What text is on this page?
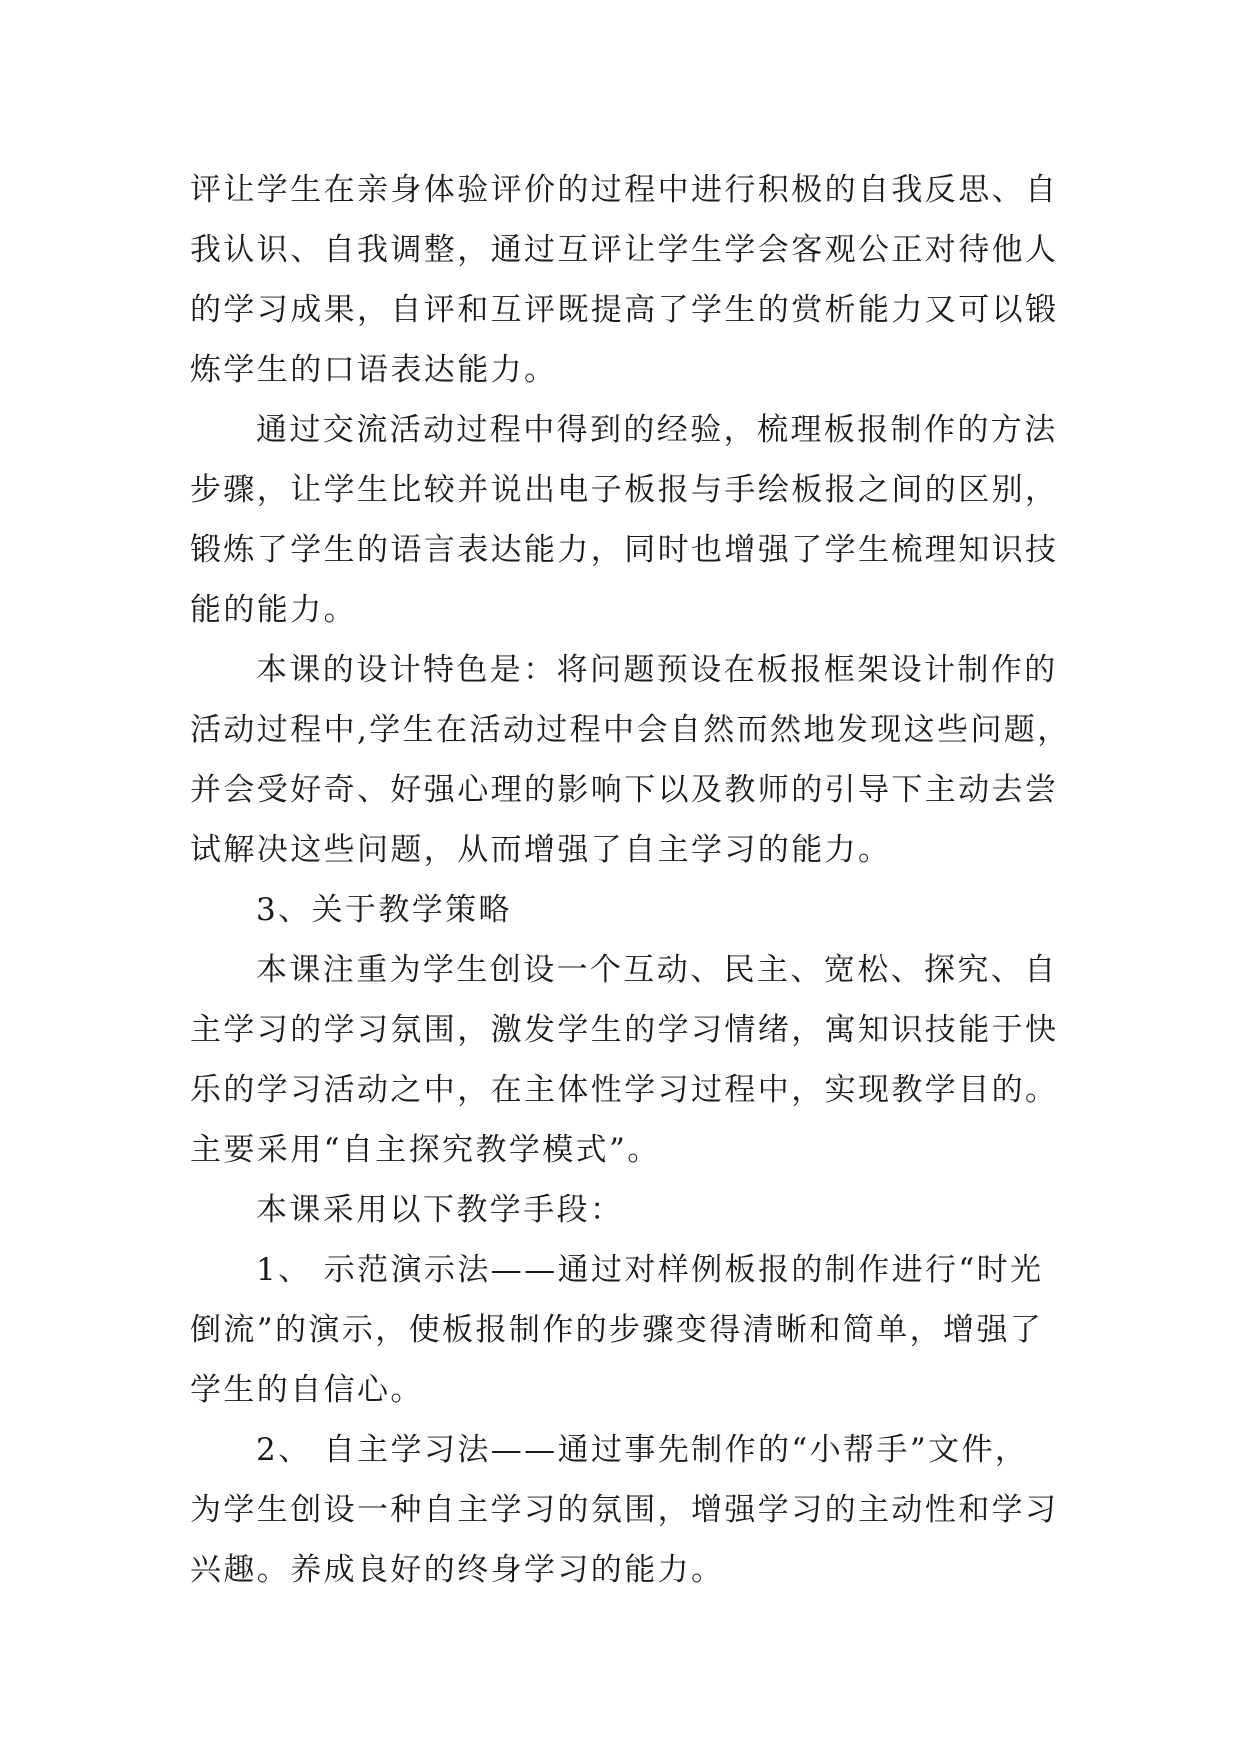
评让学生在亲身体验评价的过程中进行积极的自我反思、自
我认识、自我调整，通过互评让学生学会客观公正对待他人
的学习成果，自评和互评既提高了学生的赏析能力又可以锻
炼学生的口语表达能力。
通过交流活动过程中得到的经验，梳理板报制作的方法
步骤，让学生比较并说出电子板报与手绘板报之间的区别，
锻炼了学生的语言表达能力，同时也增强了学生梳理知识技
能的能力。
本课的设计特色是：将问题预设在板报框架设计制作的
活动过程中,学生在活动过程中会自然而然地发现这些问题，
并会受好奇、好强心理的影响下以及教师的引导下主动去尝
试解决这些问题，从而增强了自主学习的能力。
3、关于教学策略
本课注重为学生创设一个互动、民主、宽松、探究、自
主学习的学习氛围，激发学生的学习情绪，寓知识技能于快
乐的学习活动之中，在主体性学习过程中，实现教学目的。
主要采用“自主探究教学模式”。
本课采用以下教学手段：
1、 示范演示法——通过对样例板报的制作进行“时光
倒流”的演示，使板报制作的步骤变得清晰和简单，增强了
学生的自信心。
2、 自主学习法——通过事先制作的“小帮手”文件，
为学生创设一种自主学习的氛围，增强学习的主动性和学习
兴趣。养成良好的终身学习的能力。
